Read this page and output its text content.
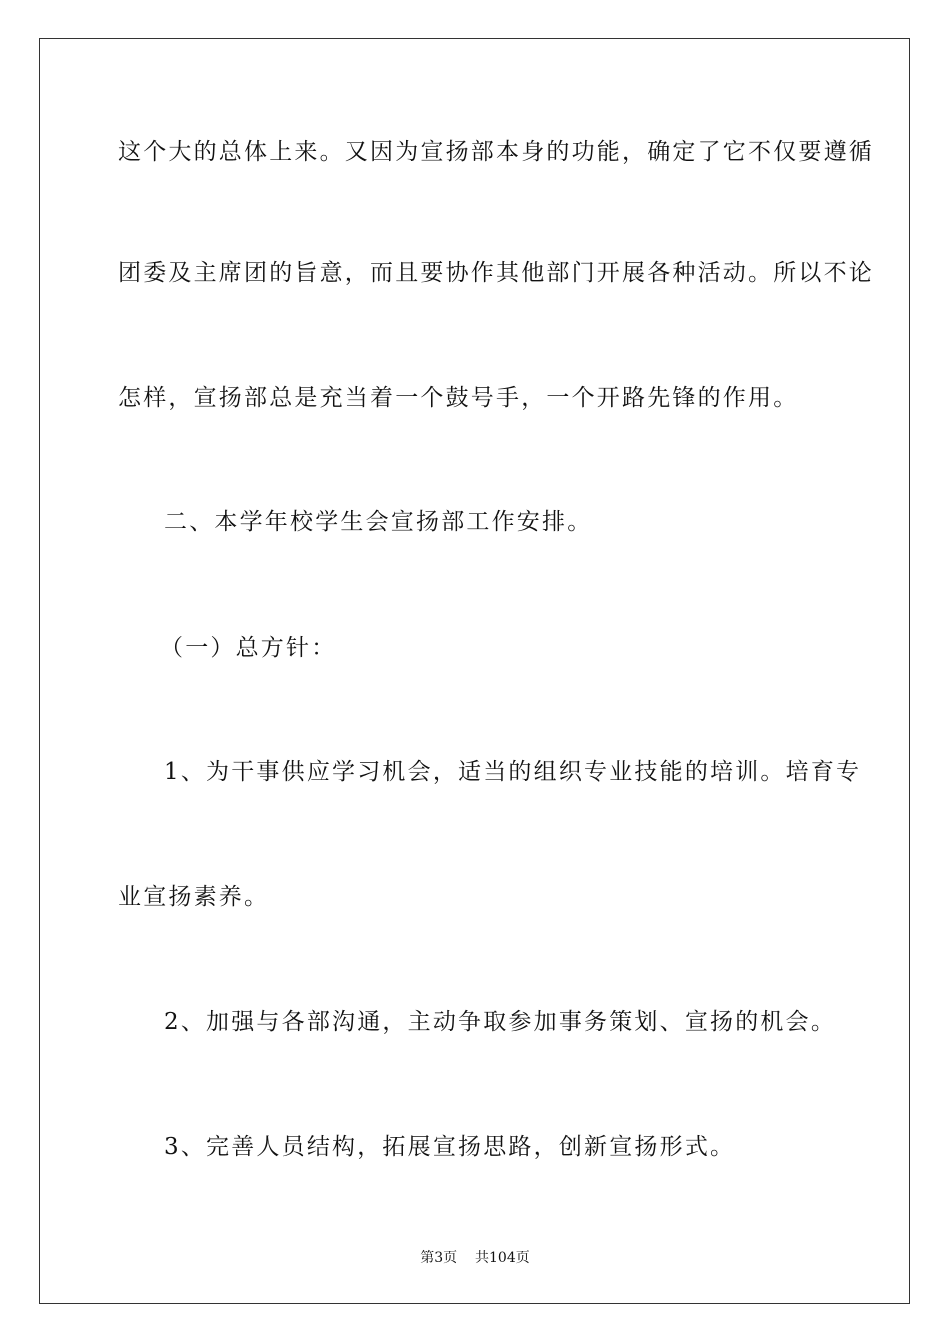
这个大的总体上来。又因为宣扬部本身的功能，确定了它不仅要遵循
团委及主席团的旨意，而且要协作其他部门开展各种活动。所以不论
怎样，宣扬部总是充当着一个鼓号手，一个开路先锋的作用。
二、本学年校学生会宣扬部工作安排。
（一）总方针：
1、为干事供应学习机会，适当的组织专业技能的培训。培育专
业宣扬素养。
2、加强与各部沟通，主动争取参加事务策划、宣扬的机会。
3、完善人员结构，拓展宣扬思路，创新宣扬形式。
第3页 共104页
